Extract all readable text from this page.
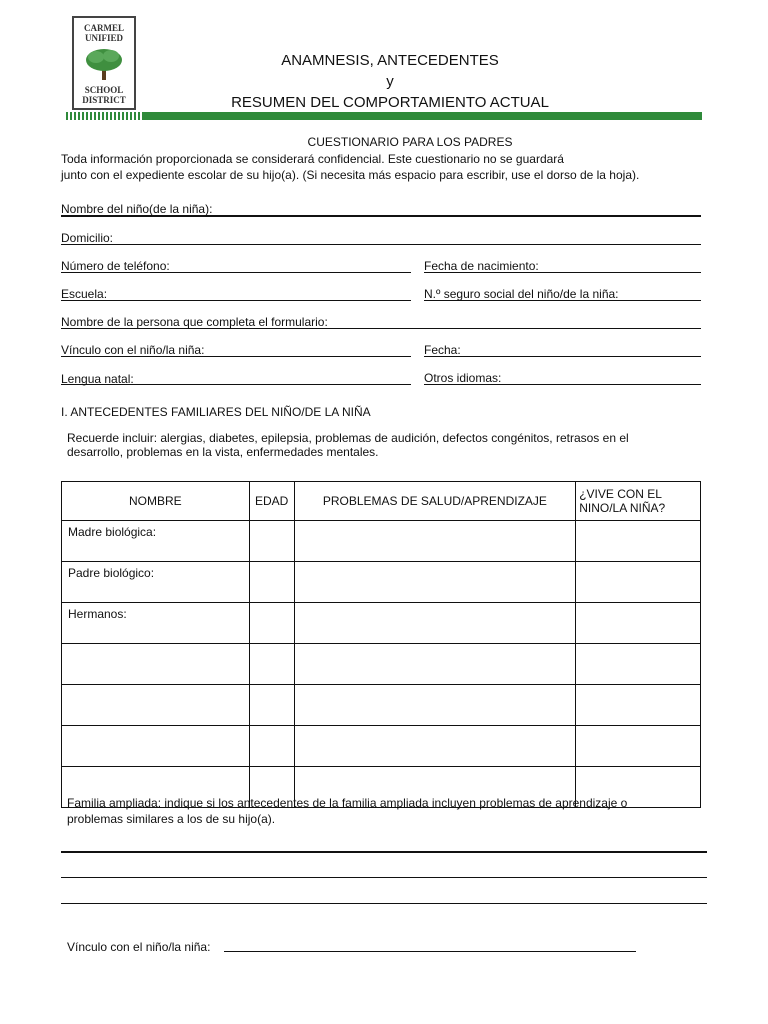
CARMEL
UNIFIED
SCHOOL
DISTRICT
ANAMNESIS, ANTECEDENTES
y
RESUMEN DEL COMPORTAMIENTO ACTUAL
CUESTIONARIO PARA LOS PADRES
Toda información proporcionada se considerará confidencial. Este cuestionario no se guardará
junto con el expediente escolar de su hijo(a). (Si necesita más espacio para escribir, use el dorso de la hoja).
Nombre del niño(de la niña):
Domicilio:
Número de teléfono:	Fecha de nacimiento:
Escuela:	N.º seguro social del niño/de la niña:
Nombre de la persona que completa el formulario:
Vínculo con el niño/la niña:	Fecha:
Lengua natal:	Otros idiomas:
I. ANTECEDENTES FAMILIARES DEL NIÑO/DE LA NIÑA
Recuerde incluir: alergias, diabetes, epilepsia, problemas de audición, defectos congénitos, retrasos en el
desarrollo, problemas en la vista, enfermedades mentales.
NOMBRE	EDAD	PROBLEMAS DE SALUD/APRENDIZAJE	¿VIVE CON EL
NINO/LA NIÑA?

Madre biológica:			
Padre biológico:			
Hermanos:			

Familia ampliada: indique si los antecedentes de la familia ampliada incluyen problemas de aprendizaje o
problemas similares a los de su hijo(a).
Vínculo con el niño/la niña:
